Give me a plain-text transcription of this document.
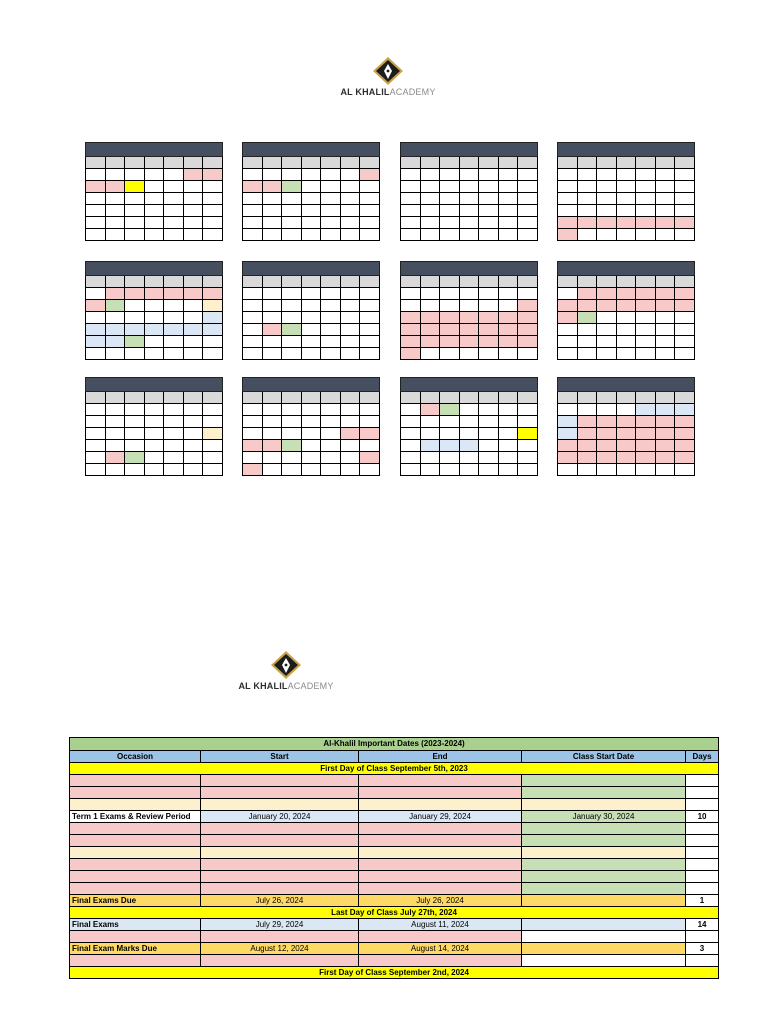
AL KHALILACADEMY
AL KHALILACADEMY
Al-Khalil Important Dates (2023-2024)				
Occasion	Start	End	Class Start Date	Days
First Day of Class September 5th, 2023				

Term 1 Exams & Review Period	January 20, 2024	January 29, 2024	January 30, 2024	10

Final Exams Due	July 26, 2024	July 26, 2024		1
Last Day of Class July 27th, 2024				
Final Exams	July 29, 2024	August 11, 2024		14

Final Exam Marks Due	August 12, 2024	August 14, 2024		3

First Day of Class September 2nd, 2024				
